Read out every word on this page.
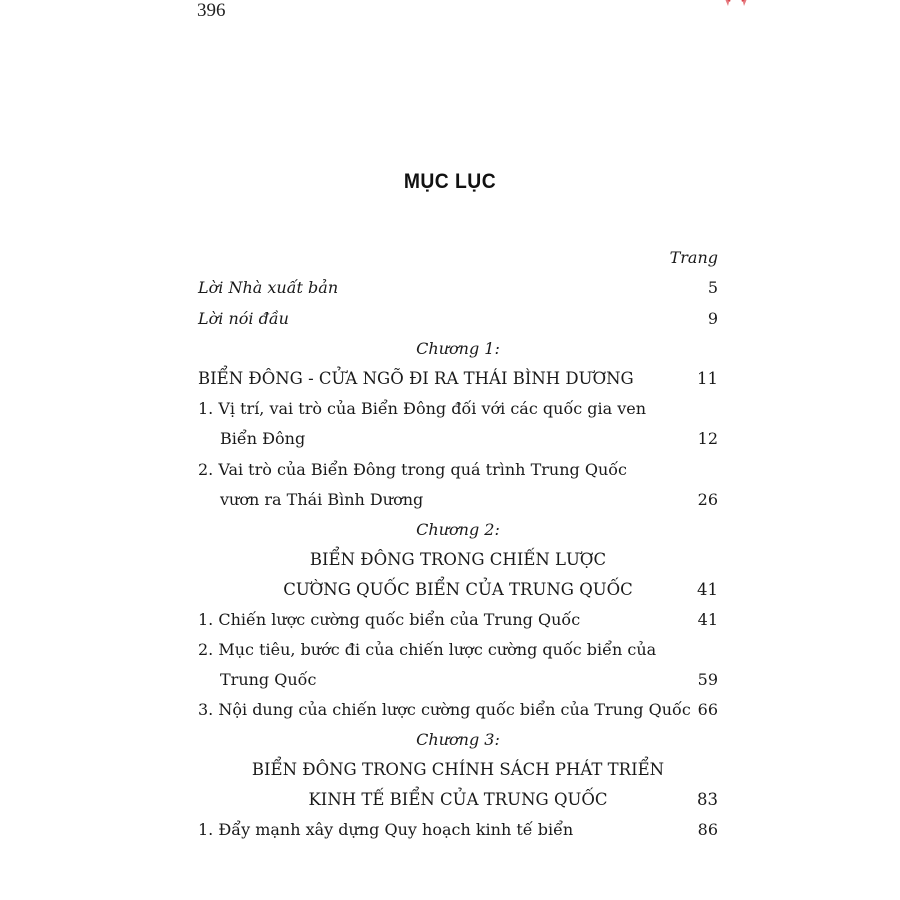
396
MỤC LỤC
Trang
Lời Nhà xuất bản	5
Lời nói đầu	9
Chương 1:
BIỂN ĐÔNG - CỬA NGÕ ĐI RA THÁI BÌNH DƯƠNG	11
1. Vị trí, vai trò của Biển Đông đối với các quốc gia ven
Biển Đông	12
2. Vai trò của Biển Đông trong quá trình Trung Quốc
vươn ra Thái Bình Dương	26
Chương 2:
BIỂN ĐÔNG TRONG CHIẾN LƯỢC
CƯỜNG QUỐC BIỂN CỦA TRUNG QUỐC	41
1. Chiến lược cường quốc biển của Trung Quốc	41
2. Mục tiêu, bước đi của chiến lược cường quốc biển của
Trung Quốc	59
3. Nội dung của chiến lược cường quốc biển của Trung Quốc 66
Chương 3:
BIỂN ĐÔNG TRONG CHÍNH SÁCH PHÁT TRIỂN
KINH TẾ BIỂN CỦA TRUNG QUỐC	83
1. Đẩy mạnh xây dựng Quy hoạch kinh tế biển	86
